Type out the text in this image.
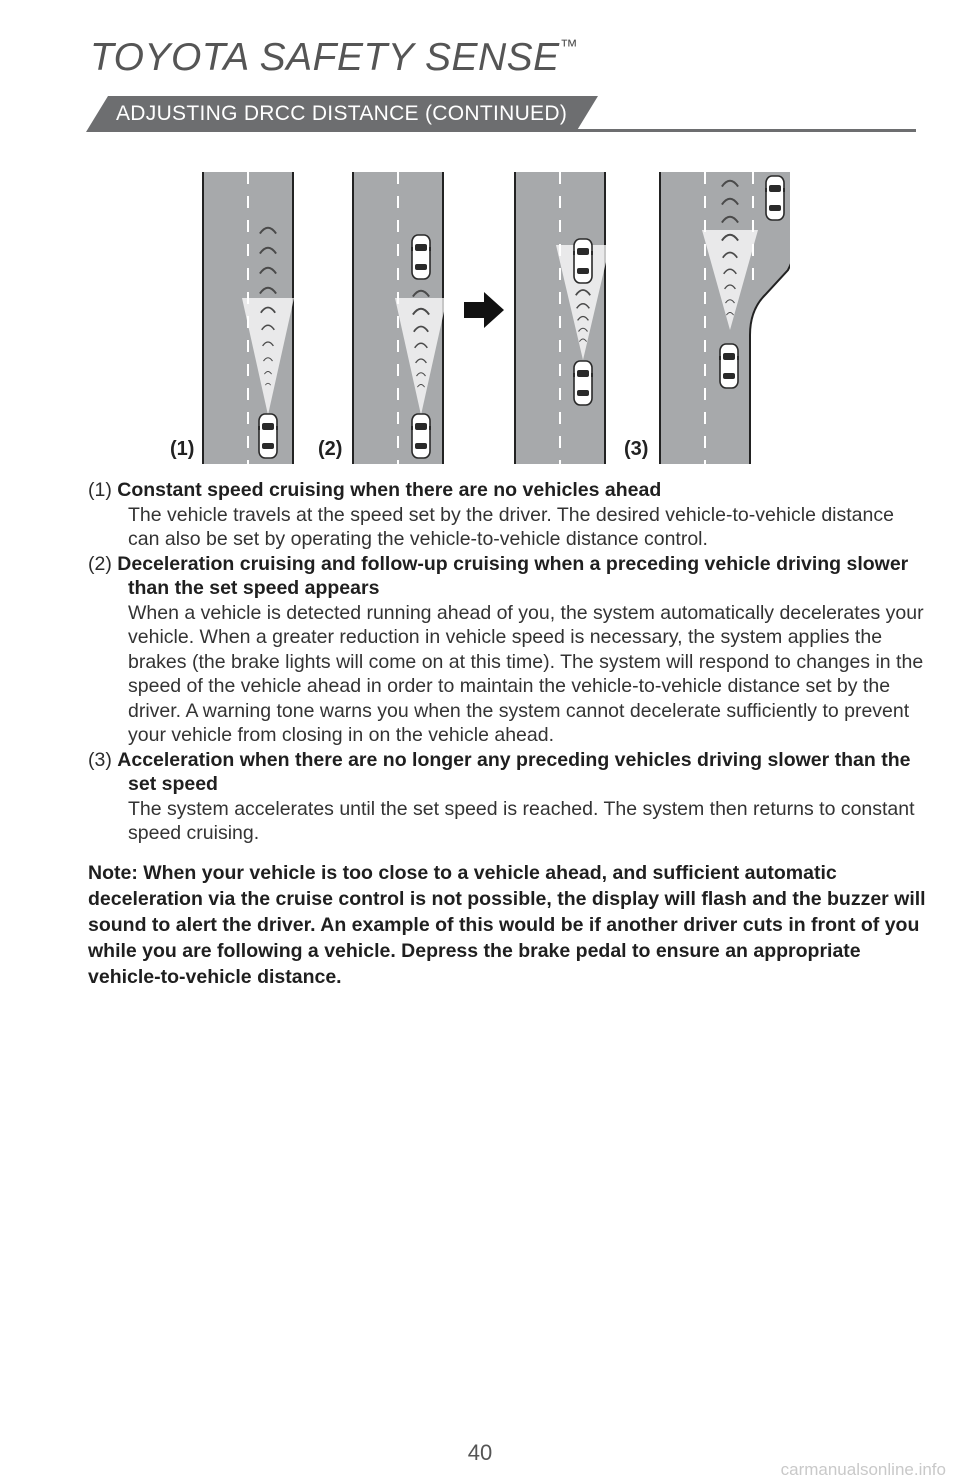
TOYOTA SAFETY SENSE™
ADJUSTING DRCC DISTANCE (CONTINUED)
(1)	(2)	(3)
(1) Constant speed cruising when there are no vehicles ahead
The vehicle travels at the speed set by the driver. The desired vehicle-to-vehicle distance can also be set by operating the vehicle-to-vehicle distance control.
(2) Deceleration cruising and follow-up cruising when a preceding vehicle driving slower than the set speed appears
When a vehicle is detected running ahead of you, the system automatically decelerates your vehicle. When a greater reduction in vehicle speed is necessary, the system applies the brakes (the brake lights will come on at this time). The system will respond to changes in the speed of the vehicle ahead in order to maintain the vehicle-to-vehicle distance set by the driver. A warning tone warns you when the system cannot decelerate sufficiently to prevent your vehicle from closing in on the vehicle ahead.
(3) Acceleration when there are no longer any preceding vehicles driving slower than the set speed
The system accelerates until the set speed is reached. The system then returns to constant speed cruising.
Note: When your vehicle is too close to a vehicle ahead, and sufficient automatic deceleration via the cruise control is not possible, the display will flash and the buzzer will sound to alert the driver. An example of this would be if another driver cuts in front of you while you are following a vehicle. Depress the brake pedal to ensure an appropriate vehicle-to-vehicle distance.
40
carmanualsonline.info
